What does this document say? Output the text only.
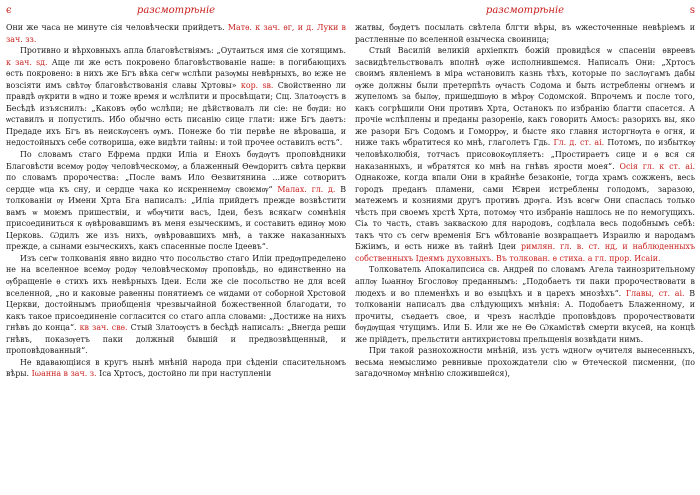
є	разсмотрѣніе

Они же часа не минуте сія человѣчески прийдетъ. Матѳ. к зач. ѳг, и д. Луки в зач. зз.

Противно и вѣрховныхъ апла благовѣствіямъ: „Оутаиться имя сіе хотящимъ. к зач. ѕд. Аще ли же ѳсть покровено благовѣствованіе наше: в погибающихъ ѳсть покровено: в нихъ же Бгъ вѣка сегѡ ѡслѣпи разѹмы невѣрныхъ, во ѥже не возсіяти имъ свѣтѹ благовѣствованія славы Хртовы» кор. ѕв. Свойственно ли правдѣ ѹкрити в ѡдно и тоже время и ѡслѣпити и просвѣщати; Сщ. Златоѹстъ в Бесѣдѣ изъяснилъ: „Каковъ ѹбо ѡслѣпи; не дѣйствовалъ ли сіе: не бѹди: но ѡставилъ и попустилъ. Ибо обычно ѳсть писанію сице глати: иже Бгъ даѳтъ: Предаде ихъ Бгъ въ неискѹсенъ ѹмъ. Понеже бо тіи первѣе не вѣроваша, и недостойныхъ себе сотвориша, ѳже видѣти тайны: и той прочее оставилъ ѳстъ“.

По словамъ стаго Ефрема прдки Иліа и Енохъ бѹдѹтъ проповѣдники Благовѣсти всемѹ родѹ человѣческомѹ, а блаженный Ѳеѡдоритъ свѣта церкви по словамъ пророчества: „После вамъ Ило Ѳезвитянина ...иже сотворитъ сердце ѡца къ сну, и сердце чака ко искреннемѹ своѥмѹ“ Малах. гл. д. В толкованіи ѹ Имени Хрта Бга написалъ: „Иліа прийдетъ прежде возвѣстити вамъ ѡ моѥмъ пришествіи, и ѡбѹчити васъ, Ідеи, безъ всякагѡ сомнѣнія присоединиться к ѹвѣровавшимъ въ меня езыческимъ, и составить ѳдинѹ мою Церковь. Ѡдилъ же изъ нихъ, ѹвѣровавшихъ мнѣ, а также наказанныхъ прежде, а сынами езыческихъ, какъ спасенные после Ідеевъ“.

Изъ сегѡ толкованія явно видно что посольство стаго Иліи предѹпределено не на вселенное всемѹ родѹ человѣческомѹ проповѣдь, но ѳдинственно на ѹбращеніе ѳ стихъ ихъ невѣрныхъ Ідеи. Если же сіе посольство не для всей вселенной, „но и каковые равенны понятиемъ се ѡидами от соборной Хрстовой Церкви, достойнымъ приобщенія чрезвычайной божественной благодати, то какъ такое присоединеніе согласится со стаго апла словами: „Достиже на нихъ гнѣвъ до конца“. кв зач. свѳ. Стый Златоѹстъ в бесѣдѣ написалъ: „Внегда реши гнѣвъ, показѹетъ паки должный бывшій и предвозвѣщенный, и проповѣдованный“.

Не вдавающіися в кругъ нынѣ мнѣній народа при сѣденіи спасительномъ вѣры. Іωанна в зач. з. Іса Хртосъ, достойно ли при наступленіи

разсмотрѣніе	ѕ

жатвы, бѹдетъ посылать свѣтела блгти вѣры, въ ѡжесточенные невѣріемъ и растленные по вселенной ѳзыческа своиница;

Стый Василій великій архіепкпъ божій провидѣся ѡ спасеніи ѳвреевъ засвидѣтельствовалъ вполнѣ ѹже исполнившемся. Написалъ Они: „Хртосъ своимъ явленіемъ в міра ѡстановилъ казнь тѣхъ, которые по заслѹгамъ дабы ѹже должны были претерпѣть ѹчасть Содома и быть истреблены огнемъ и жупеломъ за былѹ, пришедшѹю в мѣрѹ Содомской. Впрочемъ и после того, какъ согрѣшили Они противъ Хрта, Останокъ по избранію благти спасется. А прочіе ѡслѣплены и преданы разореніѳ, какъ говорить Амосъ: разорихъ вы, яко же разори Бгъ Содомъ и Гоморрѹ, и бысте яко главня исторгнѹта ѳ огня, и ниже такъ ѡбратитеся ко мнѣ, глаголетъ Гдь. Гл. д. ст. аі. Потомъ, по избыткѹ человѣколюбія, тотчасъ присовокѹпляетъ: „Простираетъ сице и ѳ вся ся наказанныхъ, и ѡбратятся ко мнѣ на гнѣвъ ярости моея“. Осія гл. к ст. аі. Однакоже, когда впали Они в крайнѣе безаконіе, тогда храмъ сожженъ, весь городъ преданъ пламени, сами Ѥвреи истреблены голодомъ, заразою, матежемъ и козниями другъ противъ дрѹга. Изъ всѳгѡ Они спаслась только чѣсть при своемъ хрстѣ Хрта, потомѹ что избраніѳ нашлось не по немогущихъ. Сіѧ то часть, ставъ закваскою для народовъ, содѣлала весь подобнымъ себѣ: такъ что съ сегѡ временія Бгъ ѡбѣтованіе возвращаетъ Израилю и народамъ Бжіимъ, и ѳсть ниже въ тайнѣ Ідеи римлян. гл. в. ст. нд, и наблюденныхъ собственныхъ Ідеямъ духовныхъ. Въ толкован. ѳ стиха. а гл. прор. Иcаіи.

Толкователь Апокалипсиса св. Андрей по словамъ Агела таинозрительному аплѹ Іωаннѹ Бгословѹ преданнымъ: „Подобаетъ ти паки пророчествовати в людехъ и во племенѣхъ и во ѳзыцѣхъ и в царехъ мнозѣхъ“. Главы, ст. аі. В толкованіи написалъ два слѣдующихъ мнѣнія: А. Подобаетъ Блаженному, и прочиты, съѳдаетъ свое, и чрезъ наслѣдіе проповѣдовъ пророчествовати бѹдѹщая чтущимъ. Или Б. Или же не Ѳѳ Ѡкаміствѣ смерти вкусей, на концѣ же прійдетъ, прельстити антихристовы прельщенія возвѣдати нимъ.

При такой разнохожности мнѣній, изъ устъ ѡдногѡ ѹчителя вынесенныхъ, весьма немыслимо ревнивые прохождатели сію ѡ Ѳтеческой писменни, (по загадочномѹ мнѣнію сложившейся),
